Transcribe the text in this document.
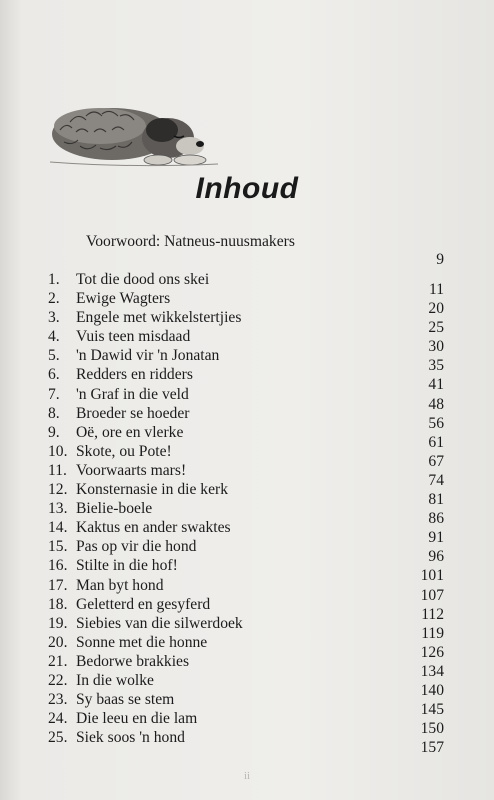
Inhoud
Voorwoord: Natneus-nuusmakers
9
1. Tot die dood ons skei
11
2. Ewige Wagters
20
3. Engele met wikkelstertjies
25
4. Vuis teen misdaad
30
5. 'n Dawid vir 'n Jonatan
35
6. Redders en ridders
41
7. 'n Graf in die veld
48
8. Broeder se hoeder
56
9. Oë, ore en vlerke
61
10. Skote, ou Pote!
67
11. Voorwaarts mars!
74
12. Konsternasie in die kerk
81
13. Bielie-boele
86
14. Kaktus en ander swaktes
91
15. Pas op vir die hond
96
16. Stilte in die hof!
101
17. Man byt hond
107
18. Geletterd en gesyferd
112
19. Siebies van die silwerdoek
119
20. Sonne met die honne
126
21. Bedorwe brakkies
134
22. In die wolke
140
23. Sy baas se stem
145
24. Die leeu en die lam
150
25. Siek soos 'n hond
157
ii
